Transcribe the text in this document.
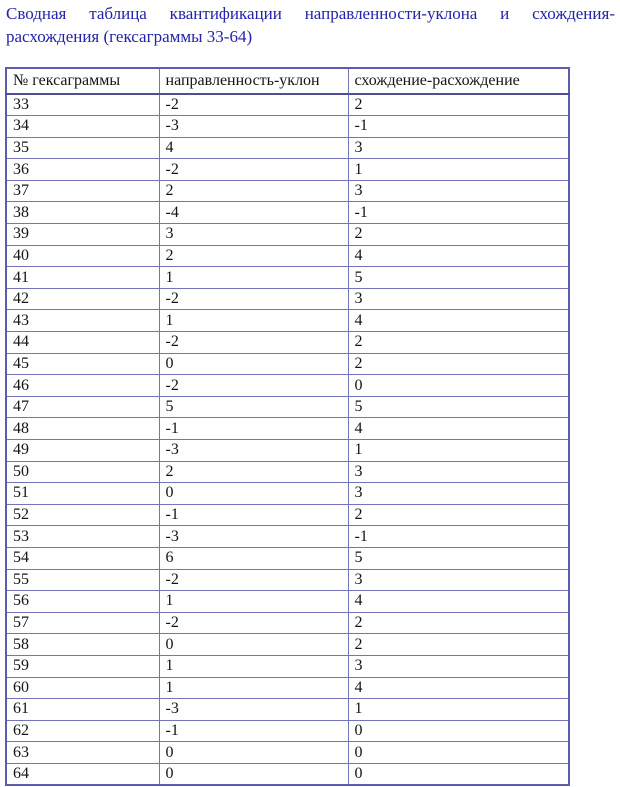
Сводная таблица квантификации направленности-уклона и схождения-
расхождения (гексаграммы 33-64)
№ гексаграммы	направленность-уклон	схождение-расхождение
33	-2	2
34	-3	-1
35	4	3
36	-2	1
37	2	3
38	-4	-1
39	3	2
40	2	4
41	1	5
42	-2	3
43	1	4
44	-2	2
45	0	2
46	-2	0
47	5	5
48	-1	4
49	-3	1
50	2	3
51	0	3
52	-1	2
53	-3	-1
54	6	5
55	-2	3
56	1	4
57	-2	2
58	0	2
59	1	3
60	1	4
61	-3	1
62	-1	0
63	0	0
64	0	0
